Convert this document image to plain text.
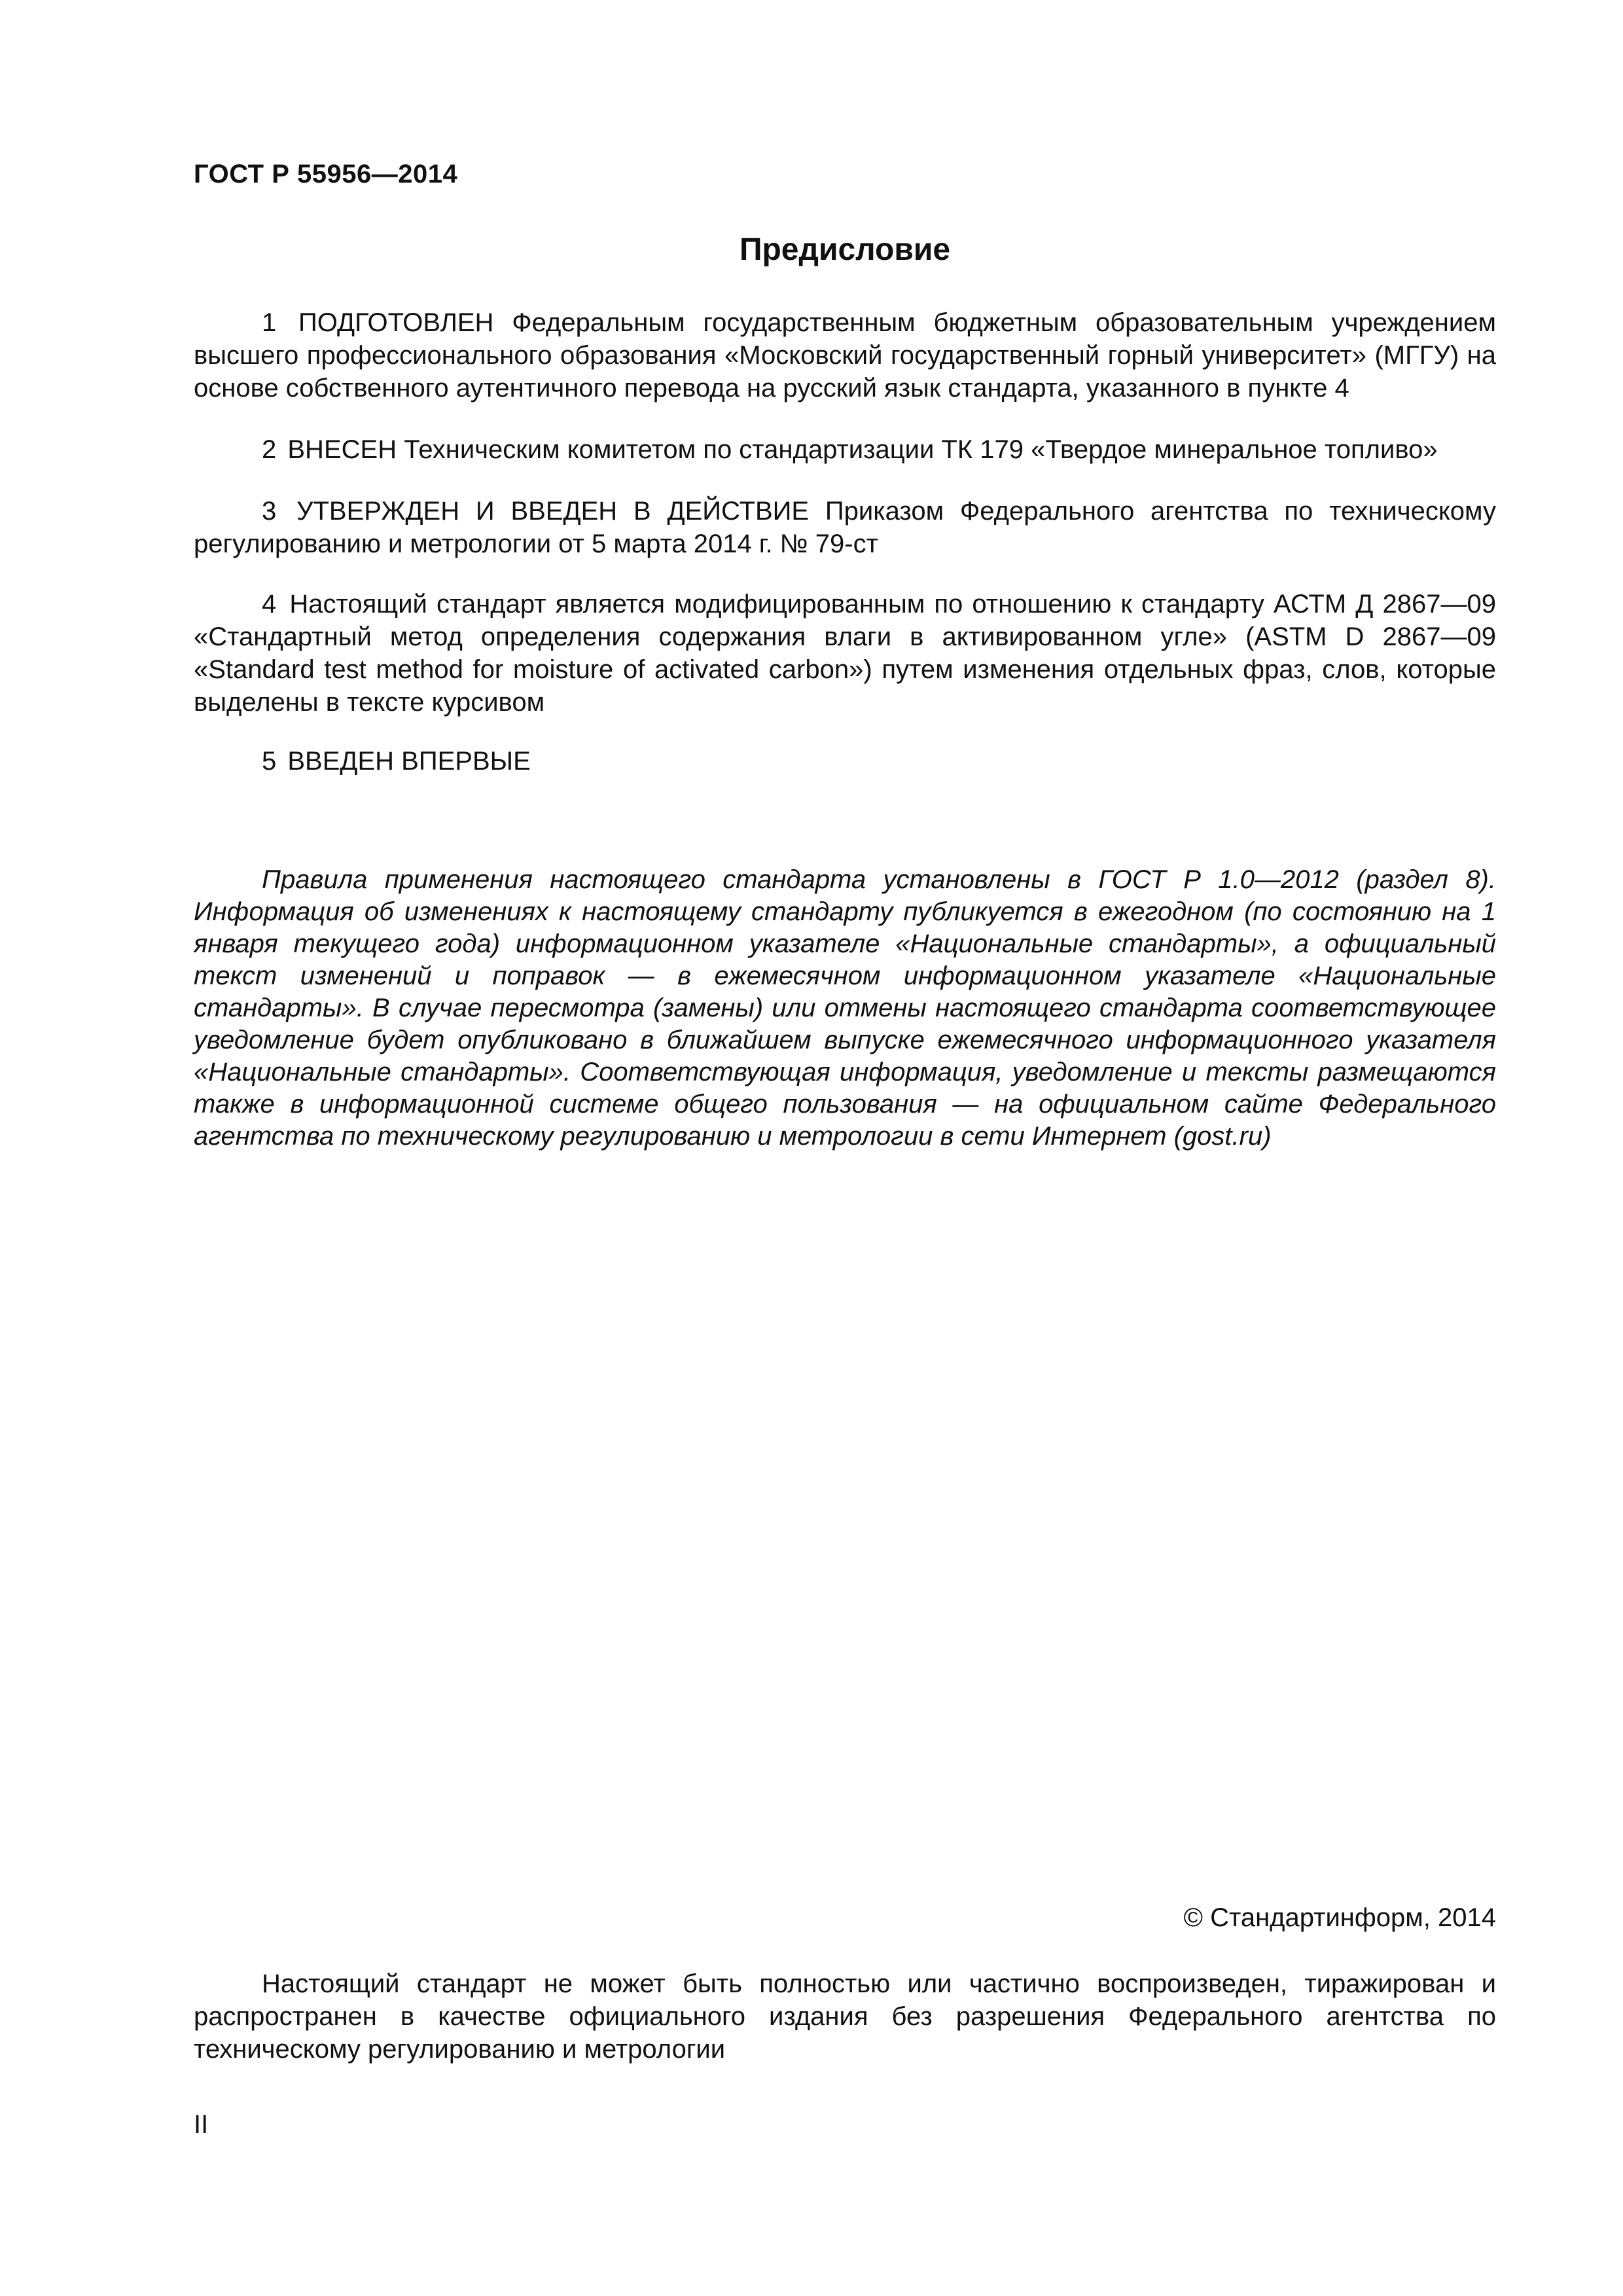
ГОСТ Р 55956—2014
Предисловие

1 ПОДГОТОВЛЕН Федеральным государственным бюджетным образовательным учреждением высшего профессионального образования «Московский государственный горный университет» (МГГУ) на основе собственного аутентичного перевода на русский язык стандарта, указанного в пункте 4

2 ВНЕСЕН Техническим комитетом по стандартизации ТК 179 «Твердое минеральное топливо»

3 УТВЕРЖДЕН И ВВЕДЕН В ДЕЙСТВИЕ Приказом Федерального агентства по техническому регулированию и метрологии от 5 марта 2014 г. № 79-ст

4 Настоящий стандарт является модифицированным по отношению к стандарту АСТМ Д 2867—09 «Стандартный метод определения содержания влаги в активированном угле» (ASTM D 2867—09 «Standard test method for moisture of activated carbon») путем изменения отдельных фраз, слов, которые выделены в тексте курсивом

5 ВВЕДЕН ВПЕРВЫЕ

Правила применения настоящего стандарта установлены в ГОСТ Р 1.0—2012 (раздел 8). Информация об изменениях к настоящему стандарту публикуется в ежегодном (по состоянию на 1 января текущего года) информационном указателе «Национальные стандарты», а официальный текст изменений и поправок — в ежемесячном информационном указателе «Национальные стандарты». В случае пересмотра (замены) или отмены настоящего стандарта соответствующее уведомление будет опубликовано в ближайшем выпуске ежемесячного информационного указателя «Национальные стандарты». Соответствующая информация, уведомление и тексты размещаются также в информационной системе общего пользования — на официальном сайте Федерального агентства по техническому регулированию и метрологии в сети Интернет (gost.ru)

© Стандартинформ, 2014

Настоящий стандарт не может быть полностью или частично воспроизведен, тиражирован и распространен в качестве официального издания без разрешения Федерального агентства по техническому регулированию и метрологии

II
